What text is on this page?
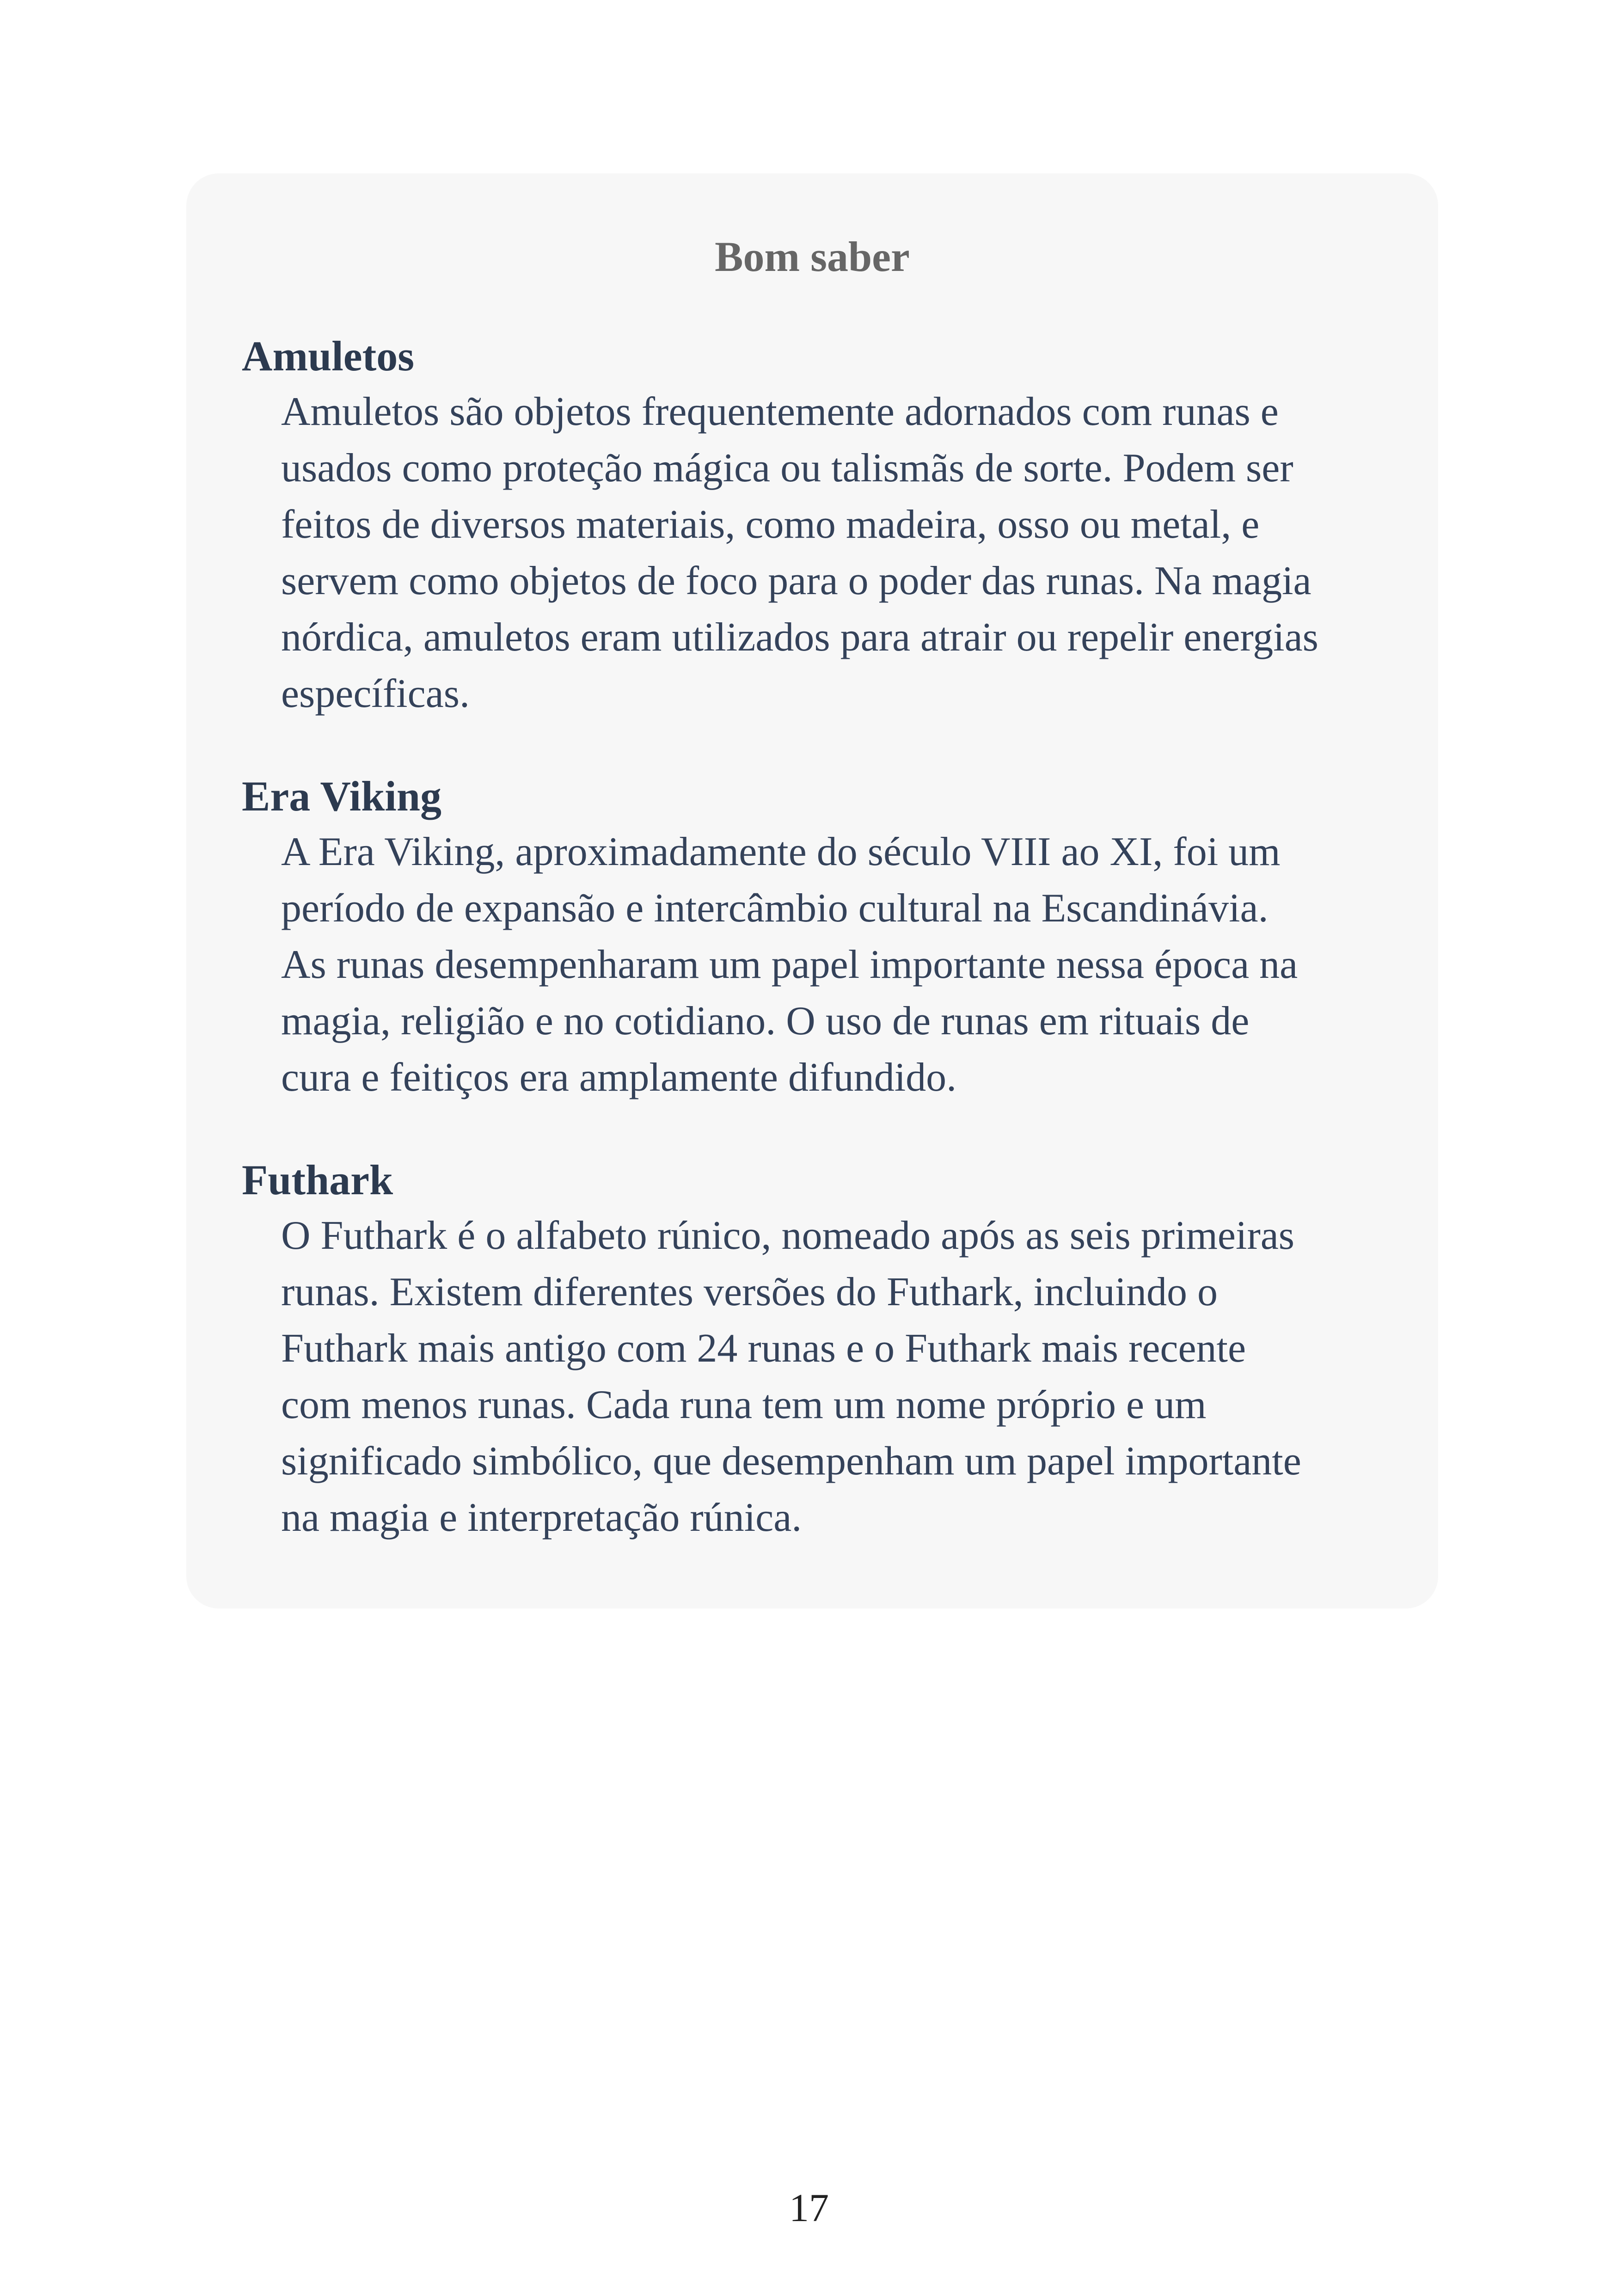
Bom saber
Amuletos

Amuletos são objetos frequentemente adornados com runas e
usados como proteção mágica ou talismãs de sorte. Podem ser
feitos de diversos materiais, como madeira, osso ou metal, e
servem como objetos de foco para o poder das runas. Na magia
nórdica, amuletos eram utilizados para atrair ou repelir energias
específicas.

Era Viking

A Era Viking, aproximadamente do século VIII ao XI, foi um
período de expansão e intercâmbio cultural na Escandinávia.
As runas desempenharam um papel importante nessa época na
magia, religião e no cotidiano. O uso de runas em rituais de
cura e feitiços era amplamente difundido.

Futhark

O Futhark é o alfabeto rúnico, nomeado após as seis primeiras
runas. Existem diferentes versões do Futhark, incluindo o
Futhark mais antigo com 24 runas e o Futhark mais recente
com menos runas. Cada runa tem um nome próprio e um
significado simbólico, que desempenham um papel importante
na magia e interpretação rúnica.

17
